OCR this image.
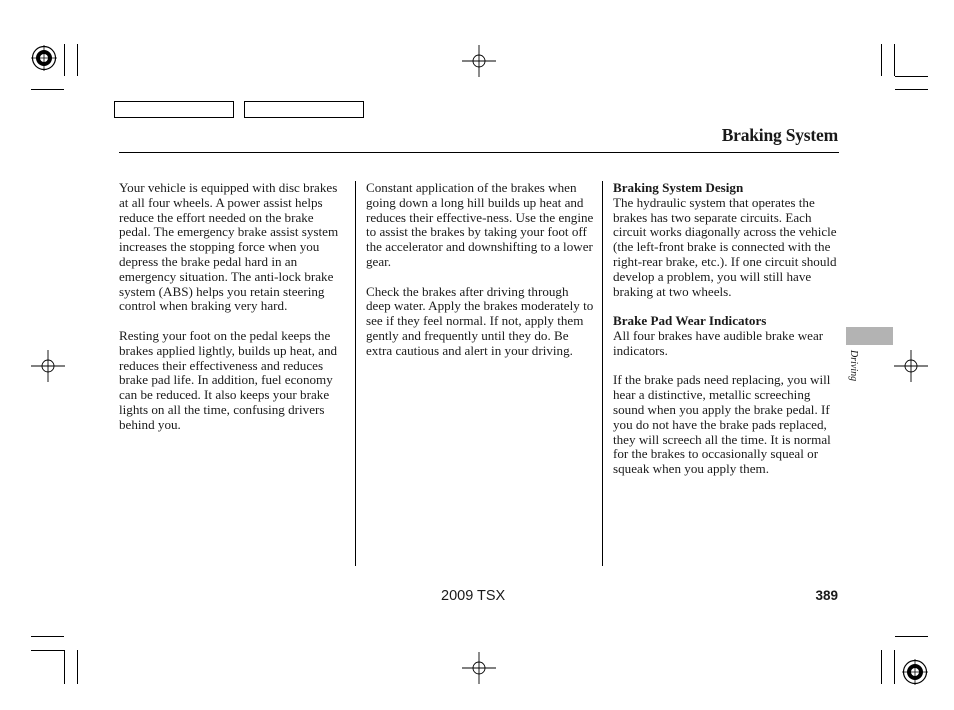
Braking System

Your vehicle is equipped with disc brakes at all four wheels. A power assist helps reduce the effort needed on the brake pedal. The emergency brake assist system increases the stopping force when you depress the brake pedal hard in an emergency situation. The anti-lock brake system (ABS) helps you retain steering control when braking very hard.

Resting your foot on the pedal keeps the brakes applied lightly, builds up heat, and reduces their effectiveness and reduces brake pad life. In addition, fuel economy can be reduced. It also keeps your brake lights on all the time, confusing drivers behind you.

Constant application of the brakes when going down a long hill builds up heat and reduces their effective-ness. Use the engine to assist the brakes by taking your foot off the accelerator and downshifting to a lower gear.

Check the brakes after driving through deep water. Apply the brakes moderately to see if they feel normal. If not, apply them gently and frequently until they do. Be extra cautious and alert in your driving.

Braking System Design

The hydraulic system that operates the brakes has two separate circuits. Each circuit works diagonally across the vehicle (the left-front brake is connected with the right-rear brake, etc.). If one circuit should develop a problem, you will still have braking at two wheels.

Brake Pad Wear Indicators

All four brakes have audible brake wear indicators.

If the brake pads need replacing, you will hear a distinctive, metallic screeching sound when you apply the brake pedal. If you do not have the brake pads replaced, they will screech all the time. It is normal for the brakes to occasionally squeal or squeak when you apply them.

Driving
2009 TSX	389
